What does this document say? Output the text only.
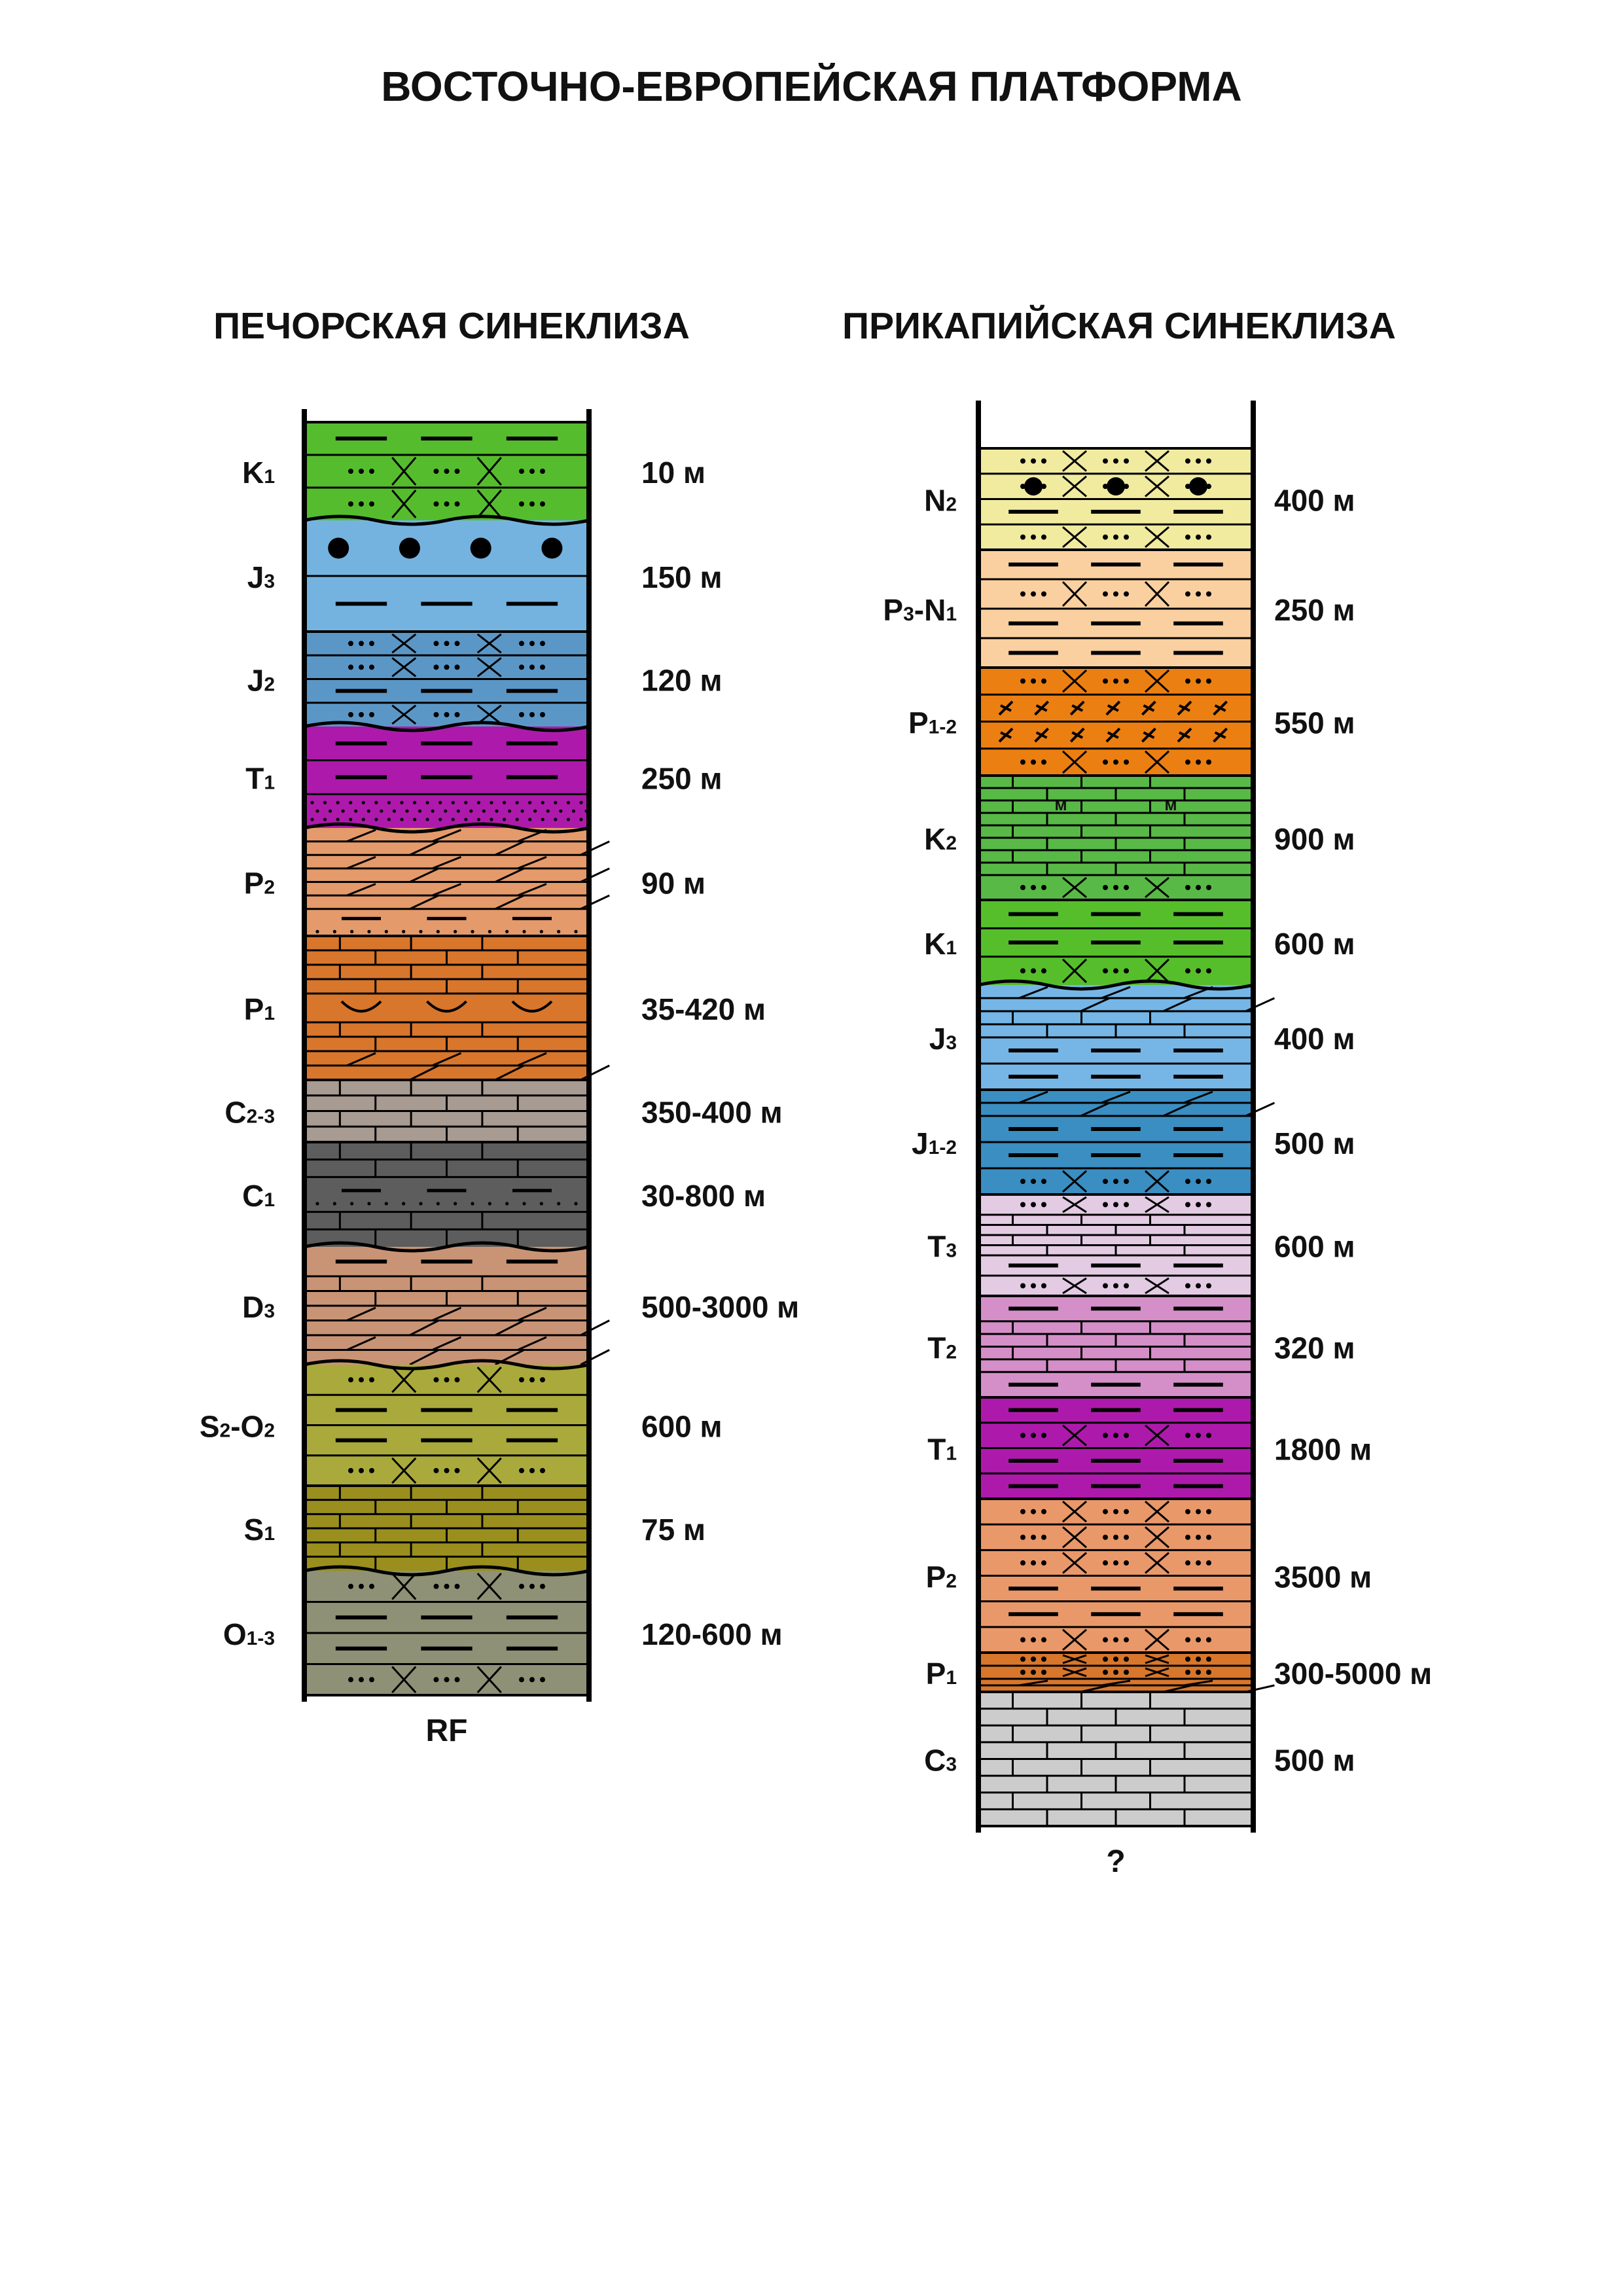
ВОСТОЧНО-ЕВРОПЕЙСКАЯ ПЛАТФОРМА
ПЕЧОРСКАЯ СИНЕКЛИЗА	ПРИКАПИЙСКАЯ СИНЕКЛИЗА
K1	10 м
J3	150 м
J2	120 м
T1	250 м
P2	90 м
P1	35-420 м
C2-3	350-400 м
C1	30-800 м
D3	500-3000 м
S2-O2	600 м
S1	75 м
O1-3	120-600 м
RF
N2	400 м
P3-N1	250 м
P1-2	550 м
м	м
K2	900 м
K1	600 м
J3	400 м
J1-2	500 м
T3	600 м
T2	320 м
T1	1800 м
P2	3500 м
P1	300-5000 м
C3	500 м
?
